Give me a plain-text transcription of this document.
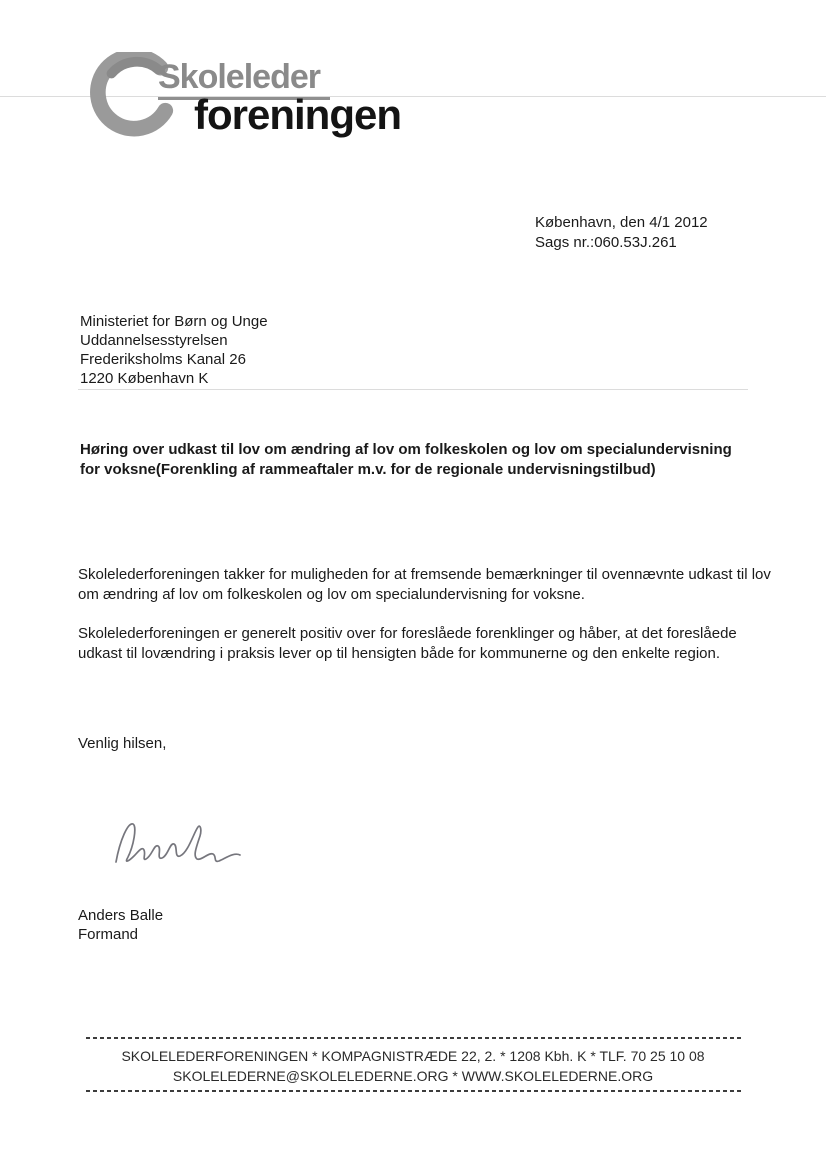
Skoleleder
foreningen
København, den 4/1 2012
Sags nr.:060.53J.261
Ministeriet for Børn og Unge
Uddannelsesstyrelsen
Frederiksholms Kanal 26
1220 København K
Høring over udkast til lov om ændring af lov om folkeskolen og lov om specialundervisning for voksne(Forenkling af rammeaftaler m.v. for de regionale undervisningstilbud)
Skolelederforeningen takker for muligheden for at fremsende bemærkninger til ovennævnte udkast til lov om ændring af lov om folkeskolen og lov om specialundervisning for voksne.
Skolelederforeningen er generelt positiv over for foreslåede forenklinger og håber, at det foreslåede udkast til lovændring i praksis lever op til hensigten både for kommunerne og den enkelte region.
Venlig hilsen,
Anders Balle
Formand
SKOLELEDERFORENINGEN * KOMPAGNISTRÆDE 22, 2. * 1208 Kbh. K * TLF. 70 25 10 08
SKOLELEDERNE@SKOLELEDERNE.ORG * WWW.SKOLELEDERNE.ORG
